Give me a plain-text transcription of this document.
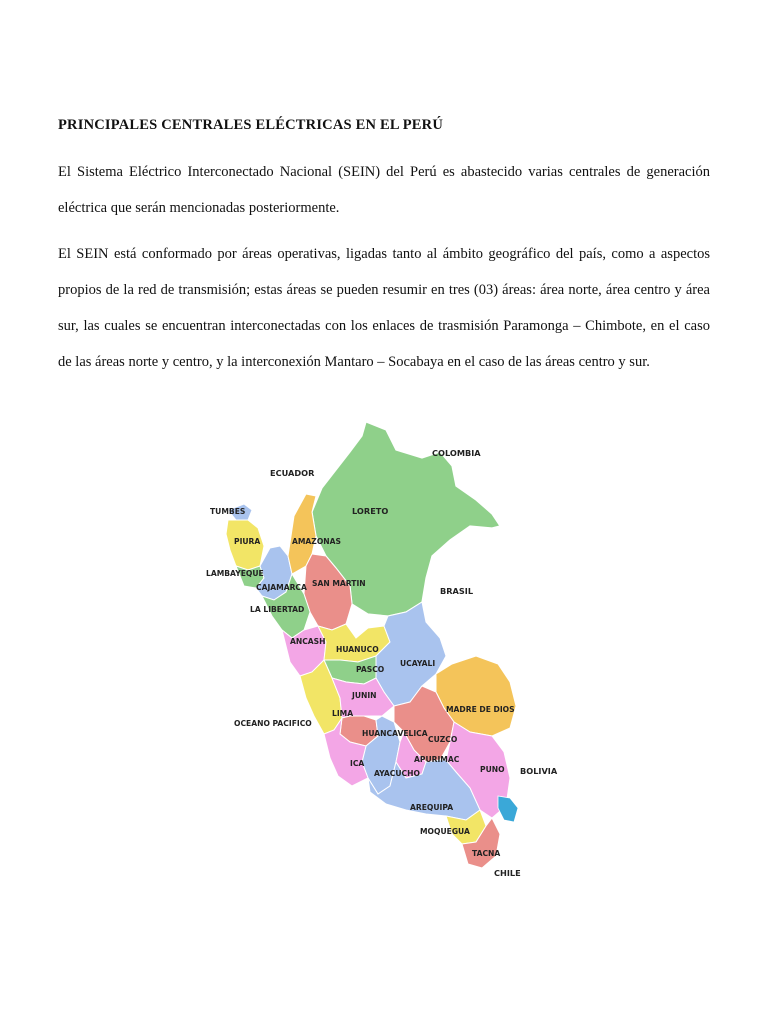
PRINCIPALES CENTRALES ELÉCTRICAS EN EL PERÚ
El Sistema Eléctrico Interconectado Nacional (SEIN) del Perú es abastecido varias centrales de generación eléctrica que serán mencionadas posteriormente.
El SEIN está conformado por áreas operativas, ligadas tanto al ámbito geográfico del país, como a aspectos propios de la red de transmisión; estas áreas se pueden resumir en tres (03) áreas: área norte, área centro y área sur, las cuales se encuentran interconectadas con los enlaces de trasmisión Paramonga – Chimbote, en el caso de las áreas norte y centro, y la interconexión Mantaro – Socabaya en el caso de las áreas centro y sur.
TUMBES
PIURA
LAMBAYEQUE
CAJAMARCA
LA LIBERTAD
AMAZONAS
SAN MARTIN
LORETO
ANCASH
HUANUCO
PASCO
UCAYALI
JUNIN
LIMA
HUANCAVELICA
ICA
AYACUCHO
APURIMAC
CUZCO
MADRE DE DIOS
PUNO
AREQUIPA
MOQUEGUA
TACNA
ECUADOR
COLOMBIA
BRASIL
BOLIVIA
CHILE
OCEANO PACIFICO
